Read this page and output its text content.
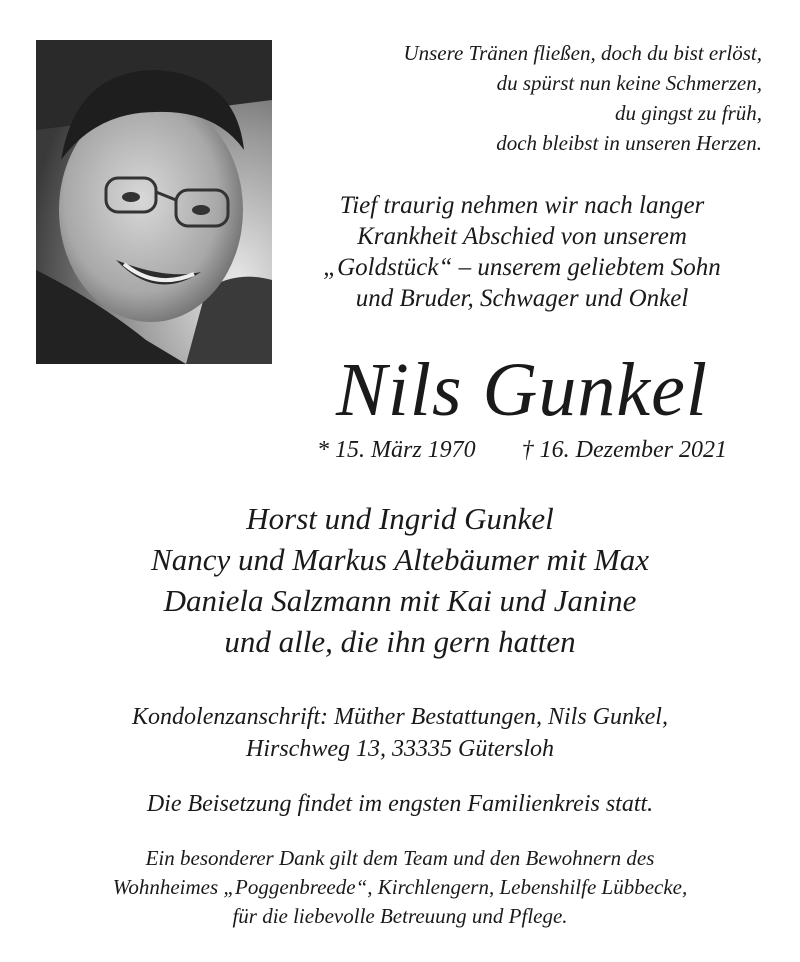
Unsere Tränen fließen, doch du bist erlöst,
du spürst nun keine Schmerzen,
du gingst zu früh,
doch bleibst in unseren Herzen.
Tief traurig nehmen wir nach langer
Krankheit Abschied von unserem
„Goldstück“ – unserem geliebtem Sohn
und Bruder, Schwager und Onkel
Nils Gunkel
* 15. März 1970 † 16. Dezember 2021
Horst und Ingrid Gunkel
Nancy und Markus Altebäumer mit Max
Daniela Salzmann mit Kai und Janine
und alle, die ihn gern hatten
Kondolenzanschrift: Müther Bestattungen, Nils Gunkel,
Hirschweg 13, 33335 Gütersloh
Die Beisetzung findet im engsten Familienkreis statt.
Ein besonderer Dank gilt dem Team und den Bewohnern des
Wohnheimes „Poggenbreede“, Kirchlengern, Lebenshilfe Lübbecke,
für die liebevolle Betreuung und Pflege.
